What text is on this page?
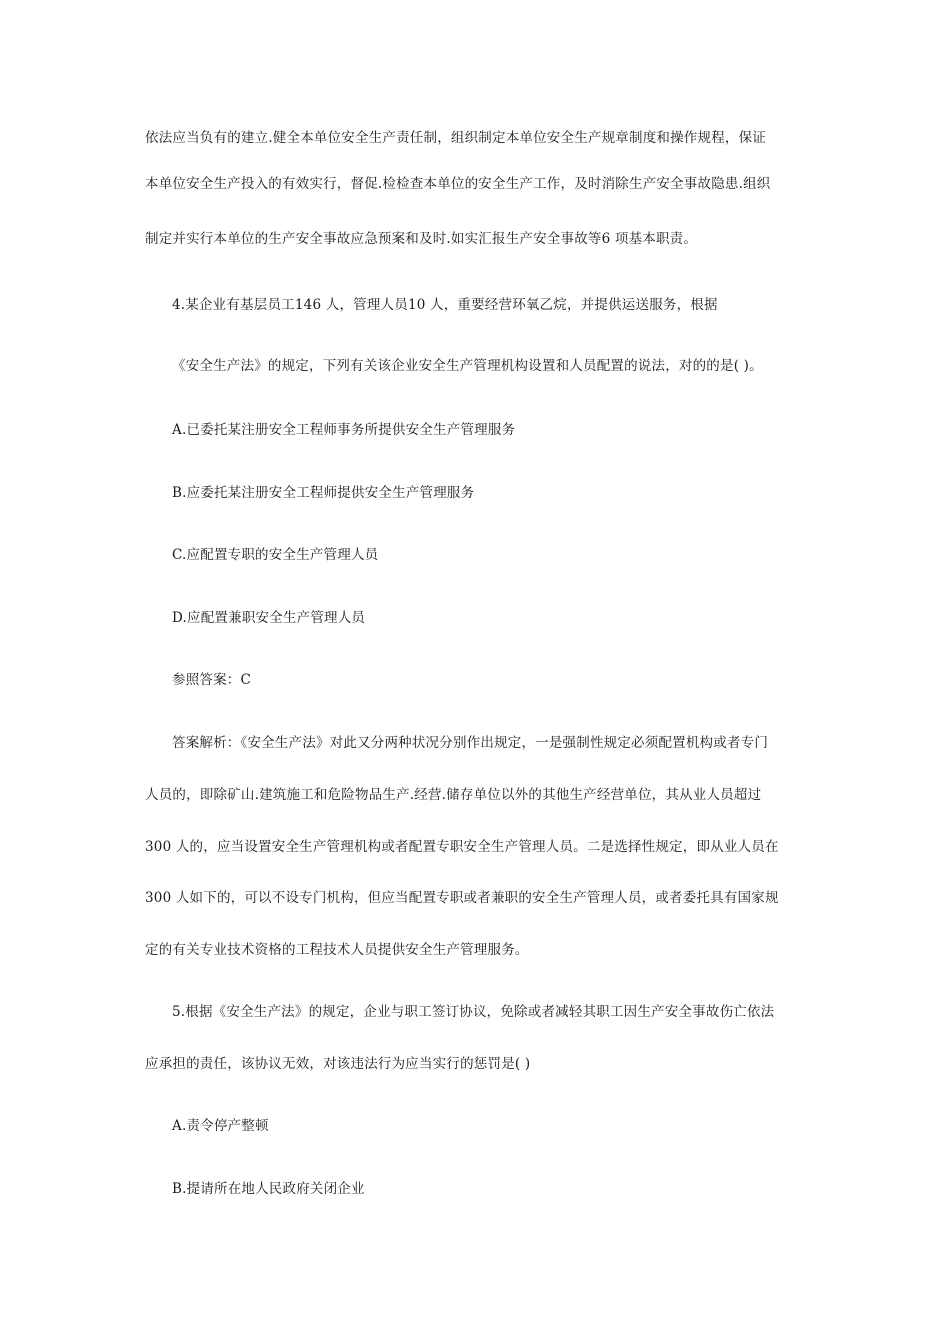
依法应当负有的建立.健全本单位安全生产责任制，组织制定本单位安全生产规章制度和操作规程，保证
本单位安全生产投入的有效实行，督促.检检查本单位的安全生产工作，及时消除生产安全事故隐患.组织
制定并实行本单位的生产安全事故应急预案和及时.如实汇报生产安全事故等6 项基本职责。
4.某企业有基层员工146 人，管理人员10 人，重要经营环氧乙烷，并提供运送服务，根据
《安全生产法》的规定，下列有关该企业安全生产管理机构设置和人员配置的说法，对的的是( )。
A.已委托某注册安全工程师事务所提供安全生产管理服务
B.应委托某注册安全工程师提供安全生产管理服务
C.应配置专职的安全生产管理人员
D.应配置兼职安全生产管理人员
参照答案：C
答案解析：《安全生产法》对此又分两种状况分别作出规定，一是强制性规定必须配置机构或者专门
人员的，即除矿山.建筑施工和危险物品生产.经营.储存单位以外的其他生产经营单位，其从业人员超过
300 人的，应当设置安全生产管理机构或者配置专职安全生产管理人员。二是选择性规定，即从业人员在
300 人如下的，可以不设专门机构，但应当配置专职或者兼职的安全生产管理人员，或者委托具有国家规
定的有关专业技术资格的工程技术人员提供安全生产管理服务。
5.根据《安全生产法》的规定，企业与职工签订协议，免除或者减轻其职工因生产安全事故伤亡依法
应承担的责任，该协议无效，对该违法行为应当实行的惩罚是( )
A.责令停产整顿
B.提请所在地人民政府关闭企业
